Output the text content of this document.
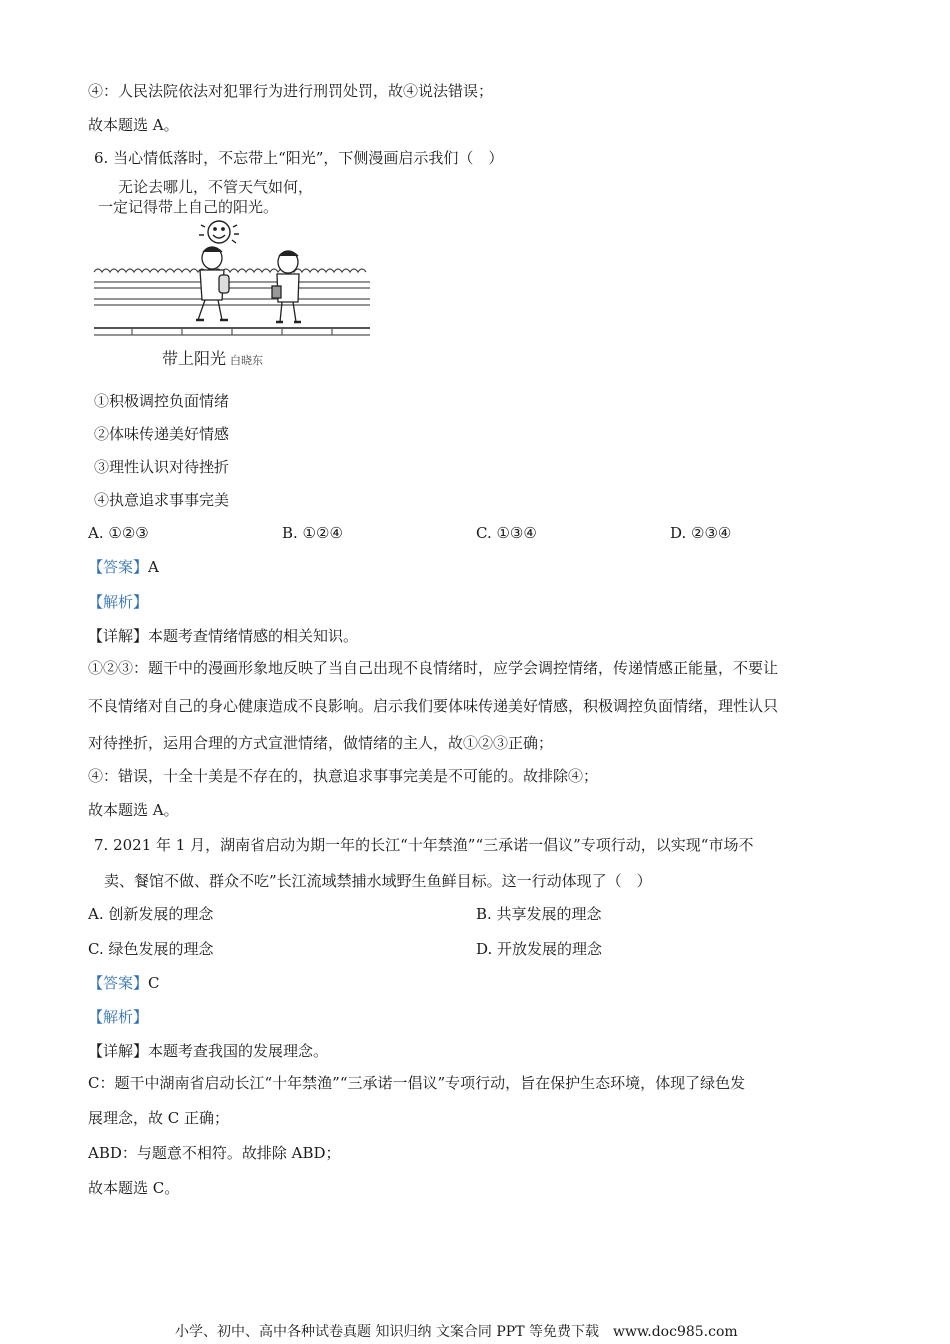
④：人民法院依法对犯罪行为进行刑罚处罚，故④说法错误；
故本题选 A。
6. 当心情低落时，不忘带上“阳光”，下侧漫画启示我们（　）
无论去哪儿，不管天气如何，
一定记得带上自己的阳光。
带上阳光 白晓东
①积极调控负面情绪
②体味传递美好情感
③理性认识对待挫折
④执意追求事事完美
A. ①②③	B. ①②④	C. ①③④	D. ②③④
【答案】A
【解析】
【详解】本题考查情绪情感的相关知识。
①②③：题干中的漫画形象地反映了当自己出现不良情绪时，应学会调控情绪，传递情感正能量，不要让
不良情绪对自己的身心健康造成不良影响。启示我们要体味传递美好情感，积极调控负面情绪，理性认只
对待挫折，运用合理的方式宣泄情绪，做情绪的主人，故①②③正确；
④：错误，十全十美是不存在的，执意追求事事完美是不可能的。故排除④；
故本题选 A。
7. 2021 年 1 月，湖南省启动为期一年的长江“十年禁渔”“三承诺一倡议”专项行动，以实现“市场不
卖、餐馆不做、群众不吃”长江流域禁捕水域野生鱼鲜目标。这一行动体现了（　）
A. 创新发展的理念	B. 共享发展的理念
C. 绿色发展的理念	D. 开放发展的理念
【答案】C
【解析】
【详解】本题考查我国的发展理念。
C：题干中湖南省启动长江“十年禁渔”“三承诺一倡议”专项行动，旨在保护生态环境，体现了绿色发
展理念，故 C 正确；
ABD：与题意不相符。故排除 ABD；
故本题选 C。
小学、初中、高中各种试卷真题 知识归纳 文案合同 PPT 等免费下载　www.doc985.com
